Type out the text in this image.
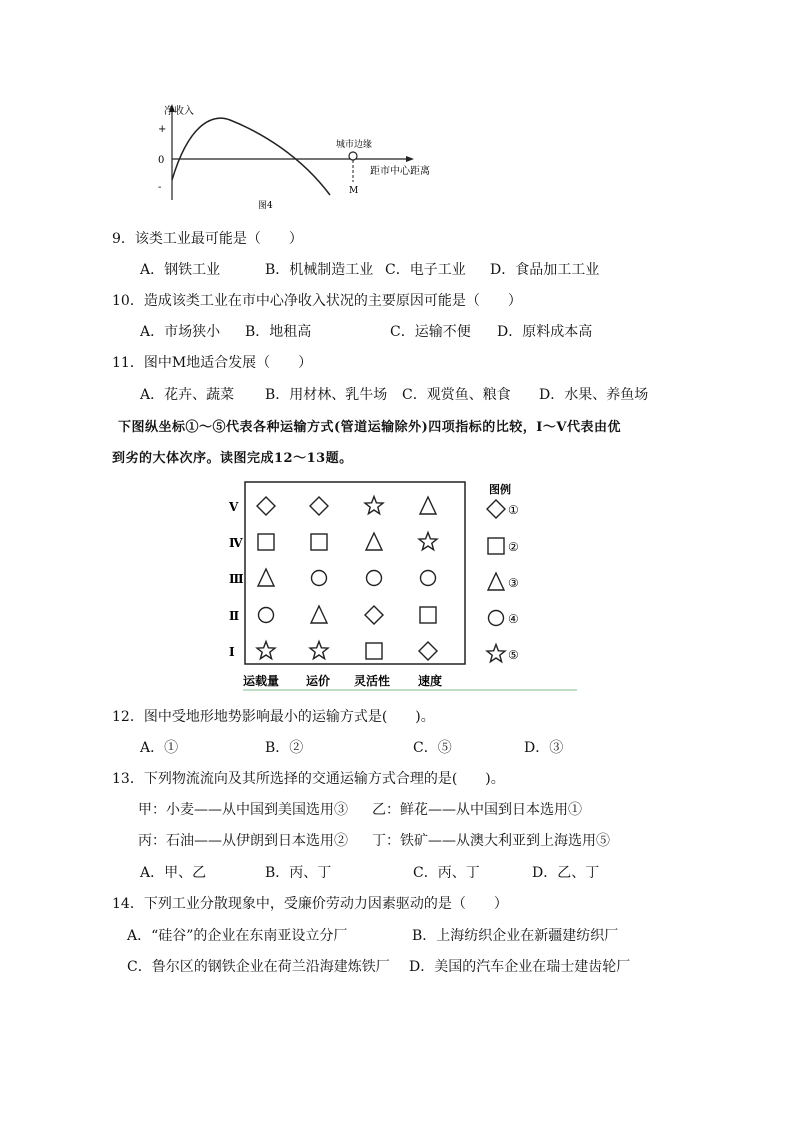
净收入
+
0
-
城市边缘
距市中心距离
M
图4
9．该类工业最可能是（　　）
A．钢铁工业	B．机械制造工业 C．电子工业 D．食品加工工业
10．造成该类工业在市中心净收入状况的主要原因可能是（　　）
A．市场狭小 B．地租高	C．运输不便 D．原料成本高
11．图中M地适合发展（　　）
A．花卉、蔬菜 B．用材林、乳牛场 C．观赏鱼、粮食 D．水果、养鱼场
下图纵坐标①～⑤代表各种运输方式(管道运输除外)四项指标的比较，Ⅰ～Ⅴ代表由优
到劣的大体次序。读图完成12～13题。
V
Ⅳ
Ⅲ
Ⅱ
I
运载量 运价 灵活性 速度
图例
①
②
③
④
⑤
12．图中受地形地势影响最小的运输方式是(　　)。
A．①	B．②	C．⑤	D．③
13．下列物流流向及其所选择的交通运输方式合理的是(　　)。
甲：小麦——从中国到美国选用③ 乙：鲜花——从中国到日本选用①
丙：石油——从伊朗到日本选用② 丁：铁矿——从澳大利亚到上海选用⑤
A．甲、乙	B．丙、丁	C．丙、丁	D．乙、丁
14．下列工业分散现象中，受廉价劳动力因素驱动的是（　　）
A．“硅谷”的企业在东南亚设立分厂	B．上海纺织企业在新疆建纺织厂
C．鲁尔区的钢铁企业在荷兰沿海建炼铁厂 D．美国的汽车企业在瑞士建齿轮厂
